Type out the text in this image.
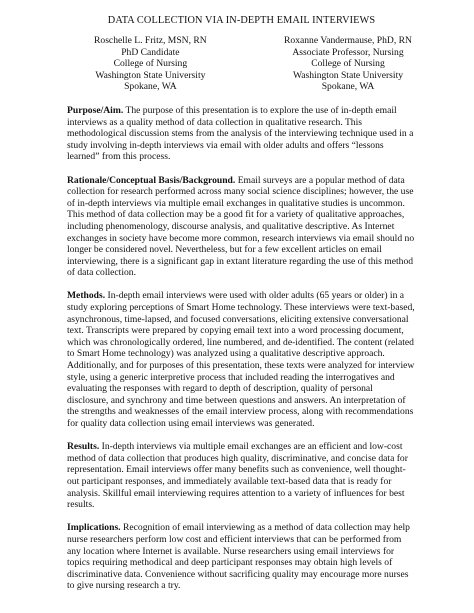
DATA COLLECTION VIA IN-DEPTH EMAIL INTERVIEWS
Roschelle L. Fritz, MSN, RN
PhD Candidate
College of Nursing
Washington State University
Spokane, WA
Roxanne Vandermause, PhD, RN
Associate Professor, Nursing
College of Nursing
Washington State University
Spokane, WA

Purpose/Aim. The purpose of this presentation is to explore the use of in-depth email interviews as a quality method of data collection in qualitative research. This methodological discussion stems from the analysis of the interviewing technique used in a study involving in-depth interviews via email with older adults and offers “lessons learned” from this process.

Rationale/Conceptual Basis/Background. Email surveys are a popular method of data collection for research performed across many social science disciplines; however, the use of in-depth interviews via multiple email exchanges in qualitative studies is uncommon. This method of data collection may be a good fit for a variety of qualitative approaches, including phenomenology, discourse analysis, and qualitative descriptive. As Internet exchanges in society have become more common, research interviews via email should no longer be considered novel. Nevertheless, but for a few excellent articles on email interviewing, there is a significant gap in extant literature regarding the use of this method of data collection.

Methods. In-depth email interviews were used with older adults (65 years or older) in a study exploring perceptions of Smart Home technology. These interviews were text-based, asynchronous, time-lapsed, and focused conversations, eliciting extensive conversational text. Transcripts were prepared by copying email text into a word processing document, which was chronologically ordered, line numbered, and de-identified. The content (related to Smart Home technology) was analyzed using a qualitative descriptive approach. Additionally, and for purposes of this presentation, these texts were analyzed for interview style, using a generic interpretive process that included reading the interrogatives and evaluating the responses with regard to depth of description, quality of personal disclosure, and synchrony and time between questions and answers. An interpretation of the strengths and weaknesses of the email interview process, along with recommendations for quality data collection using email interviews was generated.

Results. In-depth interviews via multiple email exchanges are an efficient and low-cost method of data collection that produces high quality, discriminative, and concise data for representation. Email interviews offer many benefits such as convenience, well thought-out participant responses, and immediately available text-based data that is ready for analysis. Skillful email interviewing requires attention to a variety of influences for best results.

Implications. Recognition of email interviewing as a method of data collection may help nurse researchers perform low cost and efficient interviews that can be performed from any location where Internet is available. Nurse researchers using email interviews for topics requiring methodical and deep participant responses may obtain high levels of discriminative data. Convenience without sacrificing quality may encourage more nurses to give nursing research a try.
